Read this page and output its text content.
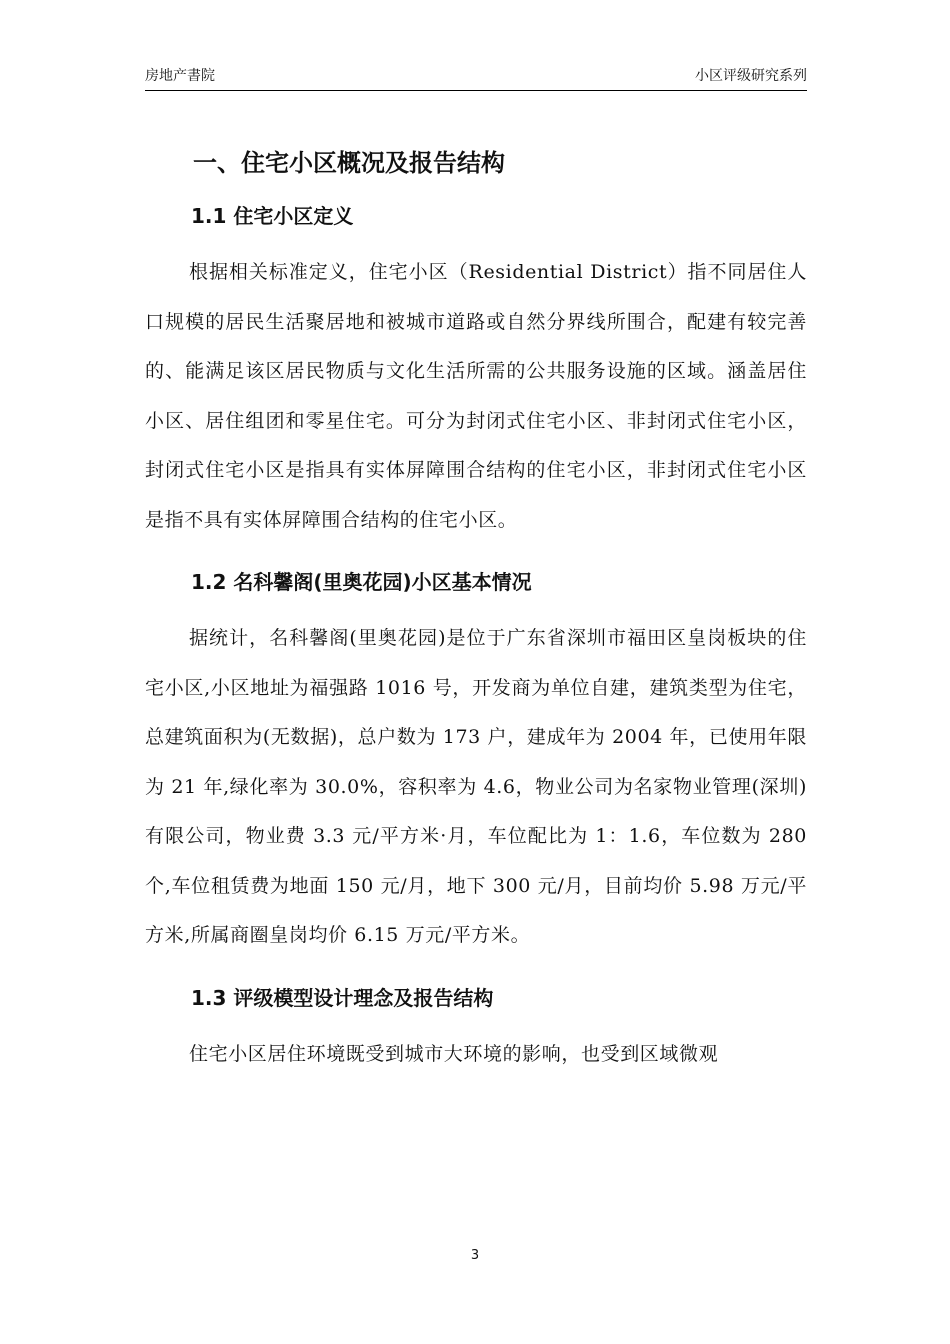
房地产書院	小区评级研究系列
一、住宅小区概况及报告结构
1.1 住宅小区定义
根据相关标准定义，住宅小区（Residential District）指不同居住人口规模的居民生活聚居地和被城市道路或自然分界线所围合，配建有较完善的、能满足该区居民物质与文化生活所需的公共服务设施的区域。涵盖居住小区、居住组团和零星住宅。可分为封闭式住宅小区、非封闭式住宅小区，封闭式住宅小区是指具有实体屏障围合结构的住宅小区，非封闭式住宅小区是指不具有实体屏障围合结构的住宅小区。
1.2 名科馨阁(里奥花园)小区基本情况
据统计，名科馨阁(里奥花园)是位于广东省深圳市福田区皇岗板块的住宅小区,小区地址为福强路 1016 号，开发商为单位自建，建筑类型为住宅，总建筑面积为(无数据)，总户数为 173 户，建成年为 2004 年，已使用年限为 21 年,绿化率为 30.0%，容积率为 4.6，物业公司为名家物业管理(深圳)有限公司，物业费 3.3 元/平方米·月，车位配比为 1：1.6，车位数为 280 个,车位租赁费为地面 150 元/月，地下 300 元/月，目前均价 5.98 万元/平方米,所属商圈皇岗均价 6.15 万元/平方米。
1.3 评级模型设计理念及报告结构
住宅小区居住环境既受到城市大环境的影响，也受到区域微观
3
